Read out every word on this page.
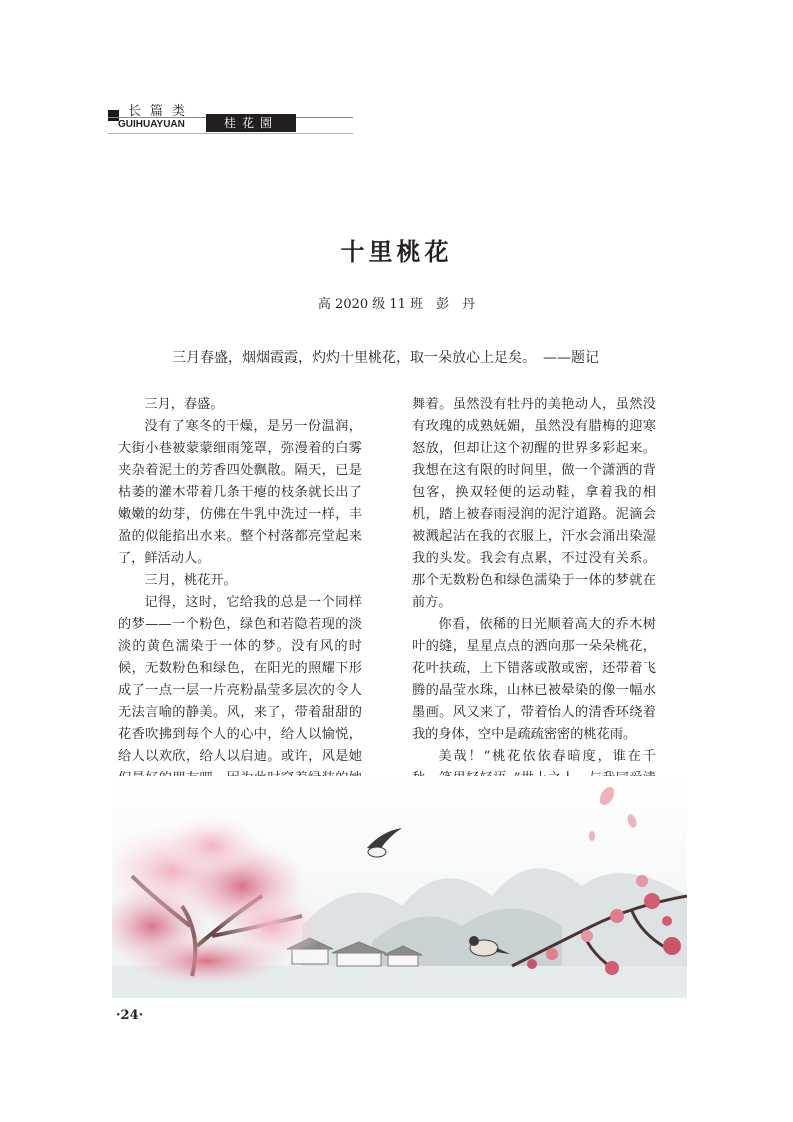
长篇类
GUIHUAYUAN	桂花園
十里桃花
高 2020 级 11 班　彭　丹
三月春盛，烟烟霞霞，灼灼十里桃花，取一朵放心上足矣。　——题记

三月，春盛。

没有了寒冬的干燥，是另一份温润，大街小巷被蒙蒙细雨笼罩，弥漫着的白雾夹杂着泥土的芳香四处飘散。隔天，已是枯萎的灌木带着几条干瘪的枝条就长出了嫩嫩的幼芽，仿佛在牛乳中洗过一样，丰盈的似能掐出水来。整个村落都亮堂起来了，鲜活动人。

三月，桃花开。

记得，这时，它给我的总是一个同样的梦——一个粉色，绿色和若隐若现的淡淡的黄色濡染于一体的梦。没有风的时候，无数粉色和绿色，在阳光的照耀下形成了一点一层一片亮粉晶莹多层次的令人无法言喻的静美。风，来了，带着甜甜的花香吹拂到每个人的心中，给人以愉悦，给人以欢欣，给人以启迪。或许，风是她

舞着。虽然没有牡丹的美艳动人，虽然没有玫瑰的成熟妩媚，虽然没有腊梅的迎寒怒放，但却让这个初醒的世界多彩起来。我想在这有限的时间里，做一个潇洒的背包客，换双轻便的运动鞋，拿着我的相机，踏上被春雨浸润的泥泞道路。泥滴会被溅起沾在我的衣服上，汗水会涌出染湿我的头发。我会有点累，不过没有关系。那个无数粉色和绿色濡染于一体的梦就在前方。

你看，依稀的日光顺着高大的乔木树叶的缝，星星点点的洒向那一朵朵桃花，花叶扶疏，上下错落或散或密，还带着飞腾的晶莹水珠，山林已被晕染的像一幅水墨画。风又来了，带着怡人的清香环绕着我的身体，空中是疏疏密密的桃花雨。

美哉！“桃花依依春暗度，谁在千

·24·
